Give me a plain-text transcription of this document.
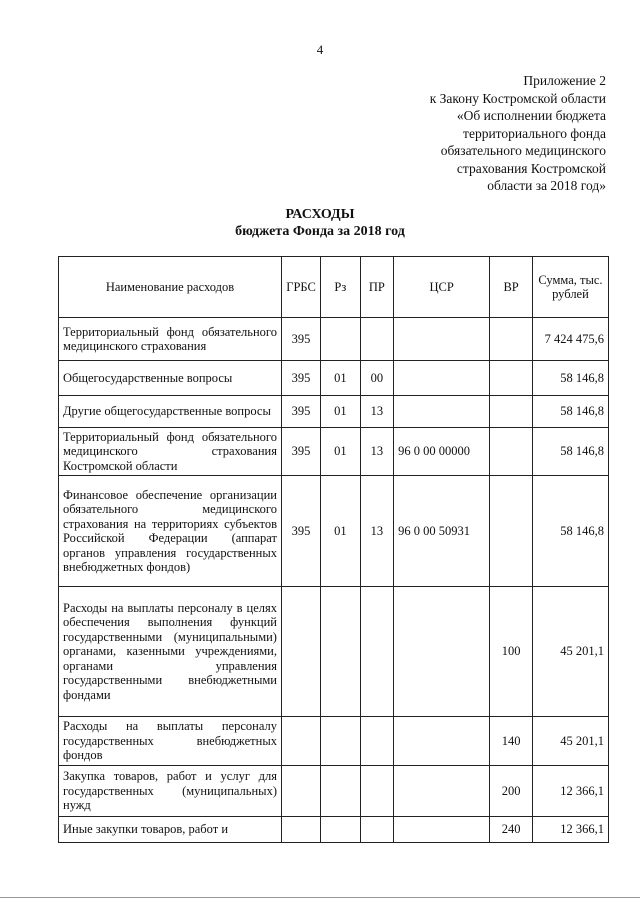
4
Приложение 2
к Закону Костромской области
«Об исполнении бюджета
территориального фонда
обязательного медицинского
страхования Костромской
области за 2018 год»
РАСХОДЫ
бюджета Фонда за 2018 год
Наименование расходов	ГРБС	Рз	ПР	ЦСР	ВР	Сумма, тыс. рублей
Территориальный фонд обязательного медицинского страхования	395					7 424 475,6
Общегосударственные вопросы	395	01	00			58 146,8
Другие общегосударственные вопросы	395	01	13			58 146,8
Территориальный фонд обязательного медицинского страхования Костромской области	395	01	13	96 0 00 00000		58 146,8
Финансовое обеспечение организации обязательного медицинского страхования на территориях субъектов Российской Федерации (аппарат органов управления государственных внебюджетных фондов)	395	01	13	96 0 00 50931		58 146,8
Расходы на выплаты персоналу в целях обеспечения выполнения функций государственными (муниципальными) органами, казенными учреждениями, органами управления государственными внебюджетными фондами					100	45 201,1
Расходы на выплаты персоналу государственных внебюджетных фондов					140	45 201,1
Закупка товаров, работ и услуг для государственных (муниципальных) нужд					200	12 366,1
Иные закупки товаров, работ и					240	12 366,1
